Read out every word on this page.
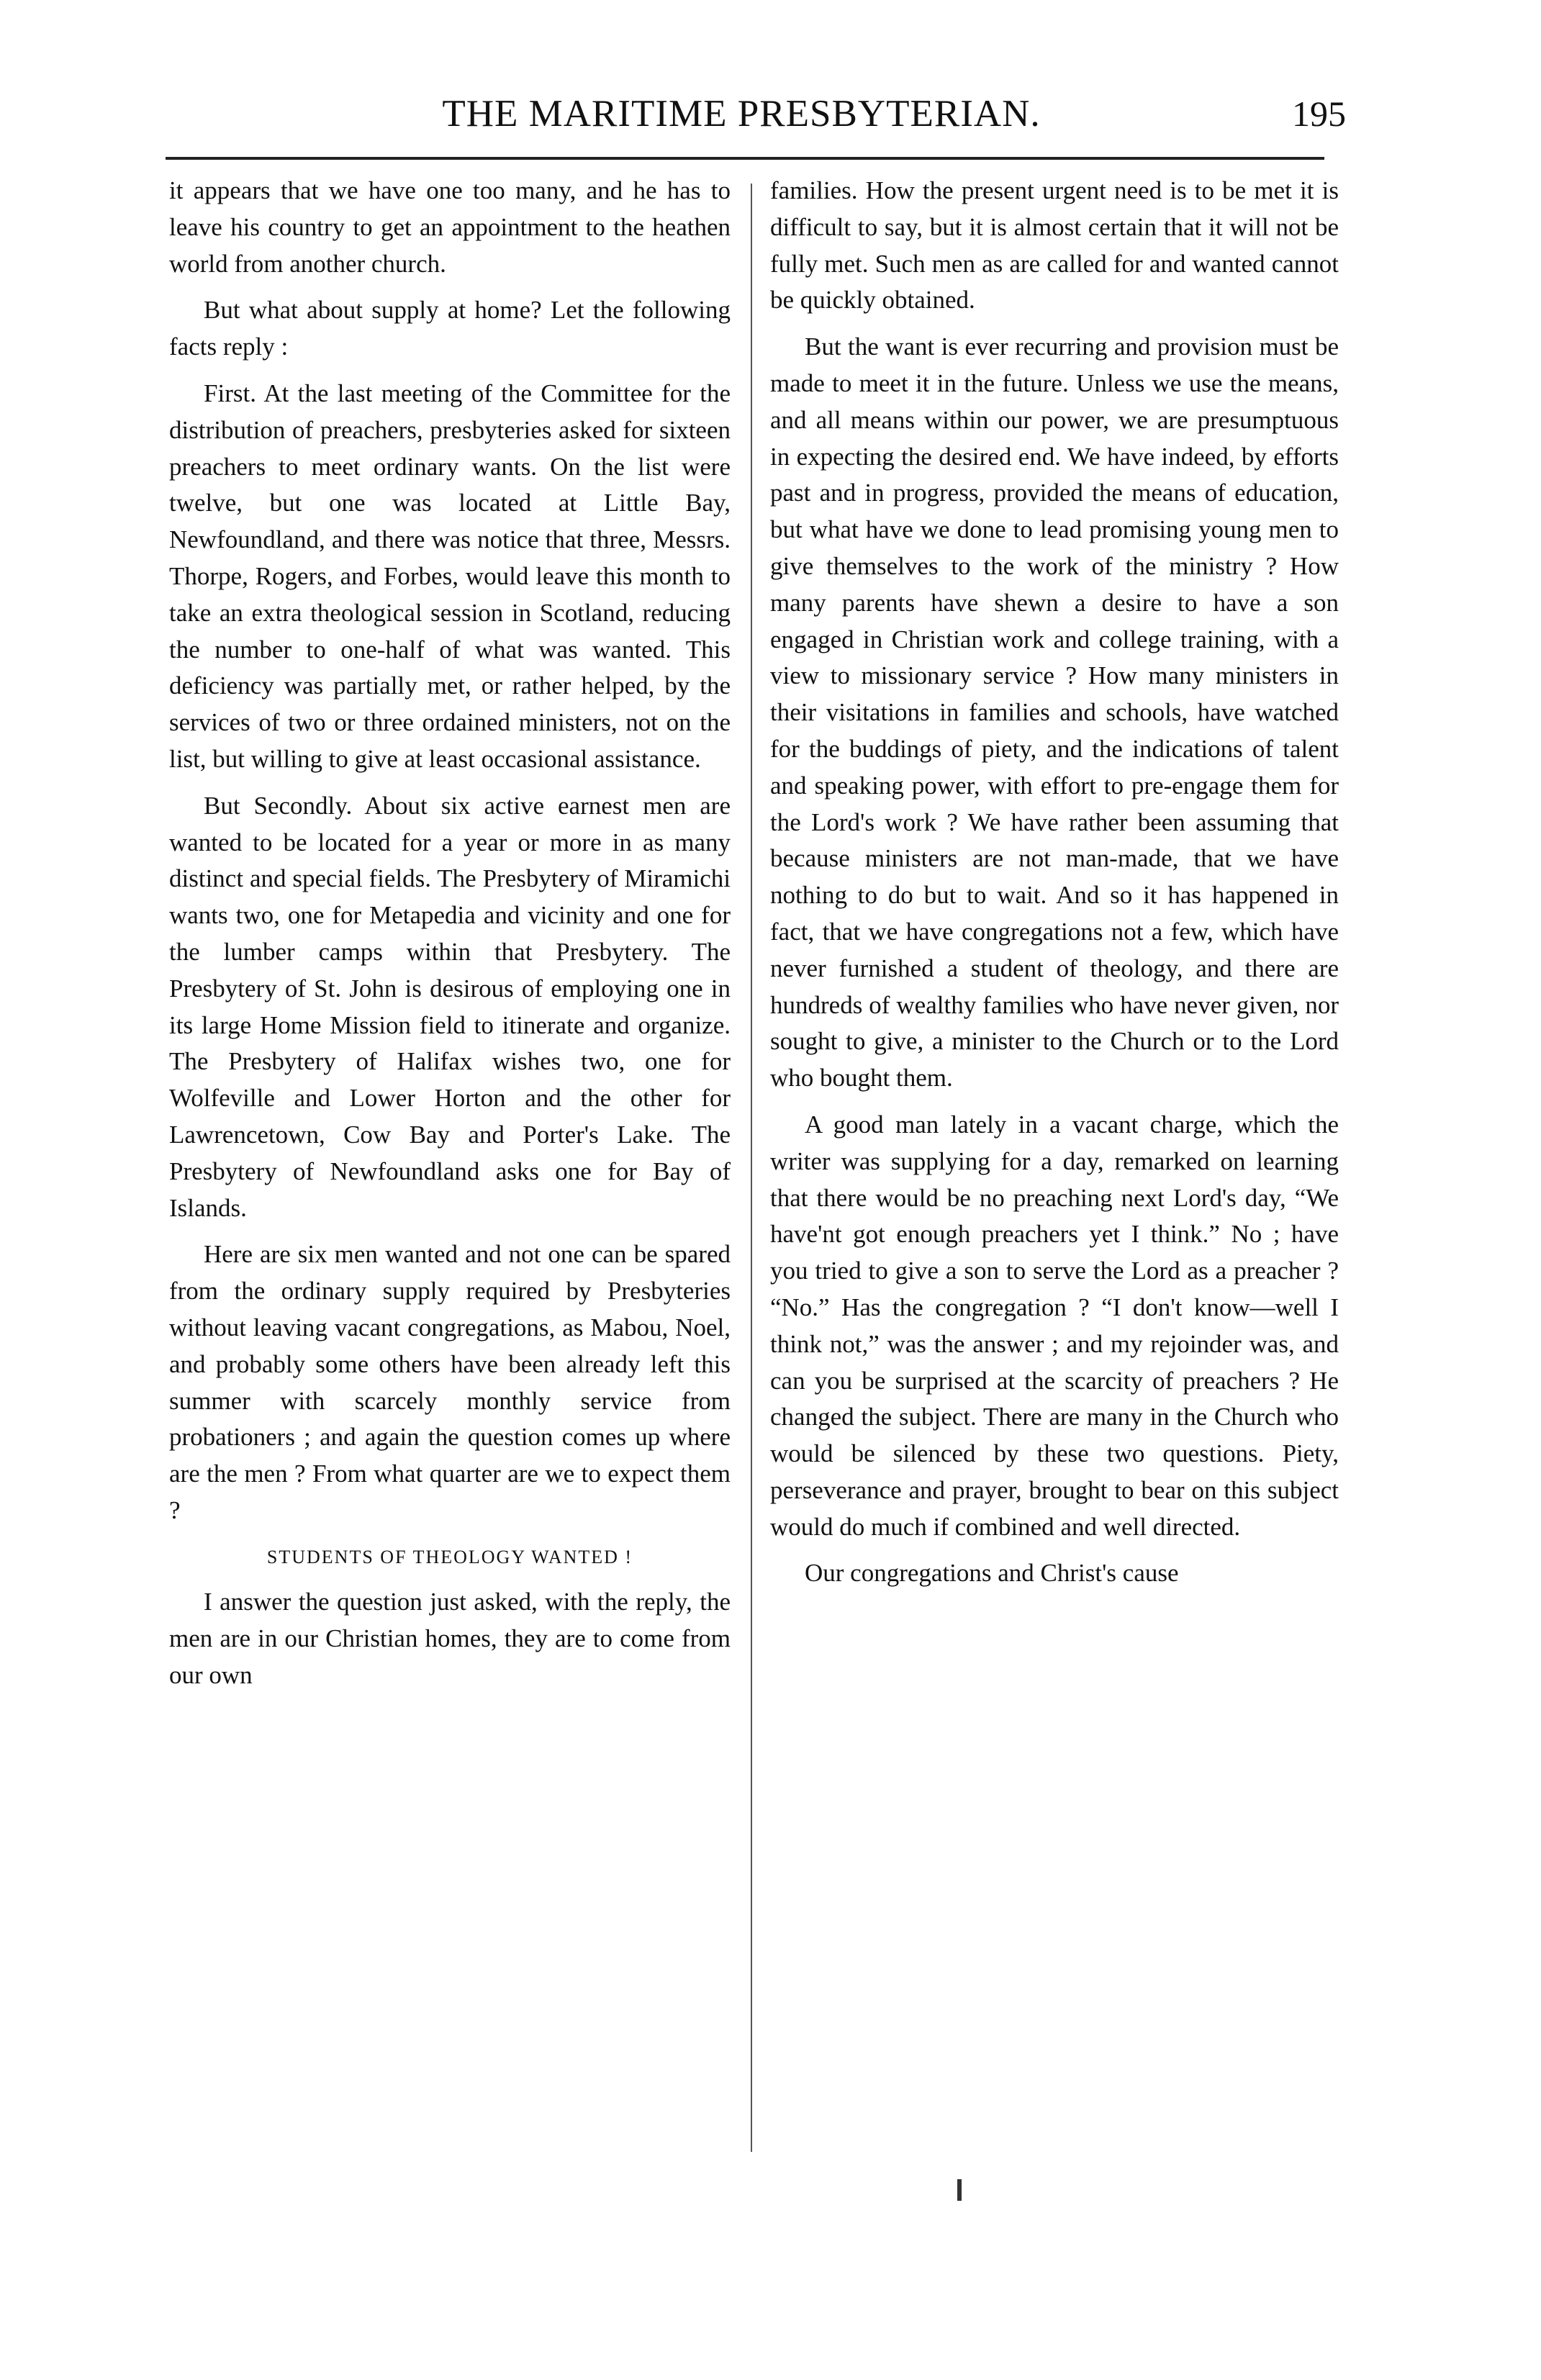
THE MARITIME PRESBYTERIAN.	195

it appears that we have one too many, and he has to leave his country to get an appointment to the heathen world from another church.

But what about supply at home? Let the following facts reply :

First. At the last meeting of the Committee for the distribution of preachers, presbyteries asked for sixteen preachers to meet ordinary wants. On the list were twelve, but one was located at Little Bay, Newfoundland, and there was notice that three, Messrs. Thorpe, Rogers, and Forbes, would leave this month to take an extra theological session in Scotland, reducing the number to one-half of what was wanted. This deficiency was partially met, or rather helped, by the services of two or three ordained ministers, not on the list, but willing to give at least occasional assistance.

But Secondly. About six active earnest men are wanted to be located for a year or more in as many distinct and special fields. The Presbytery of Miramichi wants two, one for Metapedia and vicinity and one for the lumber camps within that Presbytery. The Presbytery of St. John is desirous of employing one in its large Home Mission field to itinerate and organize. The Presbytery of Halifax wishes two, one for Wolfeville and Lower Horton and the other for Lawrencetown, Cow Bay and Porter's Lake. The Presbytery of Newfoundland asks one for Bay of Islands.

Here are six men wanted and not one can be spared from the ordinary supply required by Presbyteries without leaving vacant congregations, as Mabou, Noel, and probably some others have been already left this summer with scarcely monthly service from probationers ; and again the question comes up where are the men ? From what quarter are we to expect them ?

STUDENTS OF THEOLOGY WANTED !

I answer the question just asked, with the reply, the men are in our Christian homes, they are to come from our own

families. How the present urgent need is to be met it is difficult to say, but it is almost certain that it will not be fully met. Such men as are called for and wanted cannot be quickly obtained.

But the want is ever recurring and provision must be made to meet it in the future. Unless we use the means, and all means within our power, we are presumptuous in expecting the desired end. We have indeed, by efforts past and in progress, provided the means of education, but what have we done to lead promising young men to give themselves to the work of the ministry ? How many parents have shewn a desire to have a son engaged in Christian work and college training, with a view to missionary service ? How many ministers in their visitations in families and schools, have watched for the buddings of piety, and the indications of talent and speaking power, with effort to pre-engage them for the Lord's work ? We have rather been assuming that because ministers are not man-made, that we have nothing to do but to wait. And so it has happened in fact, that we have congregations not a few, which have never furnished a student of theology, and there are hundreds of wealthy families who have never given, nor sought to give, a minister to the Church or to the Lord who bought them.

A good man lately in a vacant charge, which the writer was supplying for a day, remarked on learning that there would be no preaching next Lord's day, “We have'nt got enough preachers yet I think.” No ; have you tried to give a son to serve the Lord as a preacher ? “No.” Has the congregation ? “I don't know—well I think not,” was the answer ; and my rejoinder was, and can you be surprised at the scarcity of preachers ? He changed the subject. There are many in the Church who would be silenced by these two questions. Piety, perseverance and prayer, brought to bear on this subject would do much if combined and well directed.

Our congregations and Christ's cause
